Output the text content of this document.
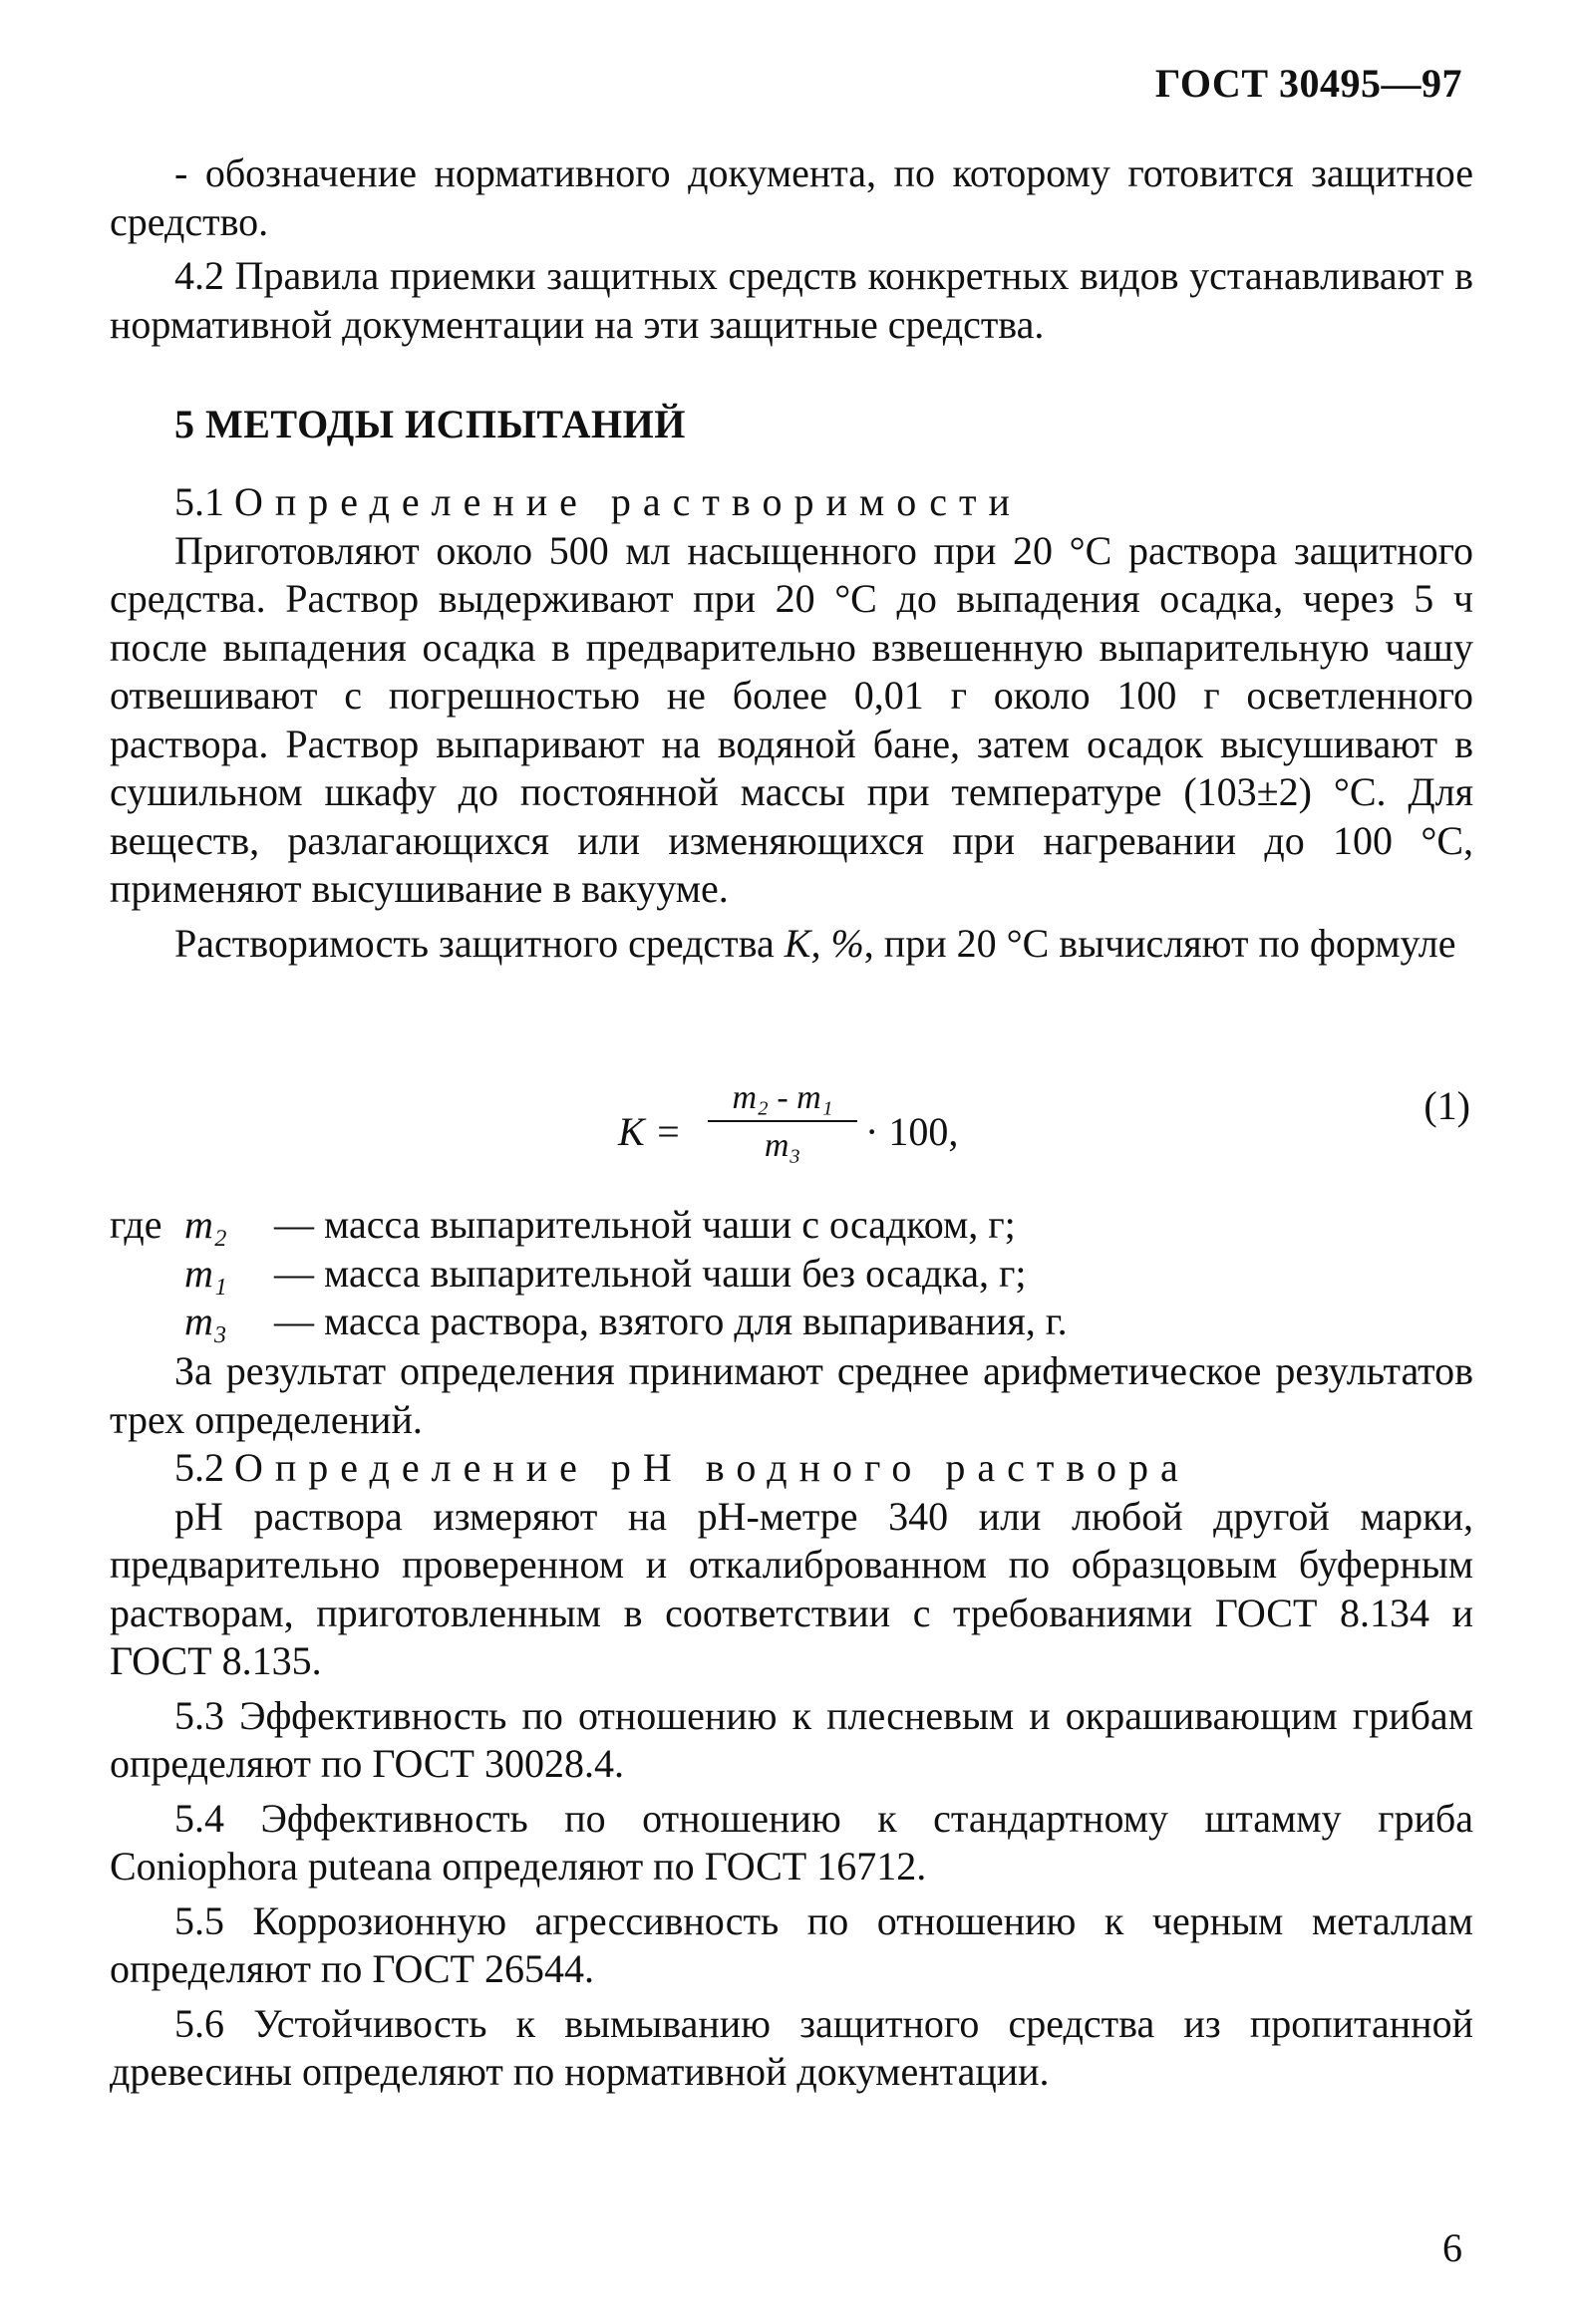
ГОСТ 30495—97

- обозначение нормативного документа, по которому готовится защитное средство.

4.2 Правила приемки защитных средств конкретных видов устанавливают в нормативной документации на эти защитные средства.

5 МЕТОДЫ ИСПЫТАНИЙ

5.1 Определение растворимости

Приготовляют около 500 мл насыщенного при 20 °С раствора защитного средства. Раствор выдерживают при 20 °С до выпадения осадка, через 5 ч после выпадения осадка в предварительно взвешенную выпарительную чашу отвешивают с погрешностью не более 0,01 г около 100 г осветленного раствора. Раствор выпаривают на водяной бане, затем осадок высушивают в сушильном шкафу до постоянной массы при температуре (103±2) °С. Для веществ, разлагающихся или изменяющихся при нагревании до 100 °С, применяют высушивание в вакууме.

Растворимость защитного средства K, %, при 20 °С вычисляют по формуле

K =
m₂ - m₁
m₃	· 100,
(1)
где m₂ — масса выпарительной чаши с осадком, г;
m₁ — масса выпарительной чаши без осадка, г;
m₃ — масса раствора, взятого для выпаривания, г.

За результат определения принимают среднее арифметическое результатов трех определений.

5.2 Определение pH водного раствора

pH раствора измеряют на pH-метре 340 или любой другой марки, предварительно проверенном и откалиброванном по образцовым буферным растворам, приготовленным в соответствии с требованиями ГОСТ 8.134 и ГОСТ 8.135.

5.3 Эффективность по отношению к плесневым и окрашивающим грибам определяют по ГОСТ 30028.4.

5.4 Эффективность по отношению к стандартному штамму гриба Coniophora puteana определяют по ГОСТ 16712.

5.5 Коррозионную агрессивность по отношению к черным металлам определяют по ГОСТ 26544.

5.6 Устойчивость к вымыванию защитного средства из пропитанной древесины определяют по нормативной документации.

6
